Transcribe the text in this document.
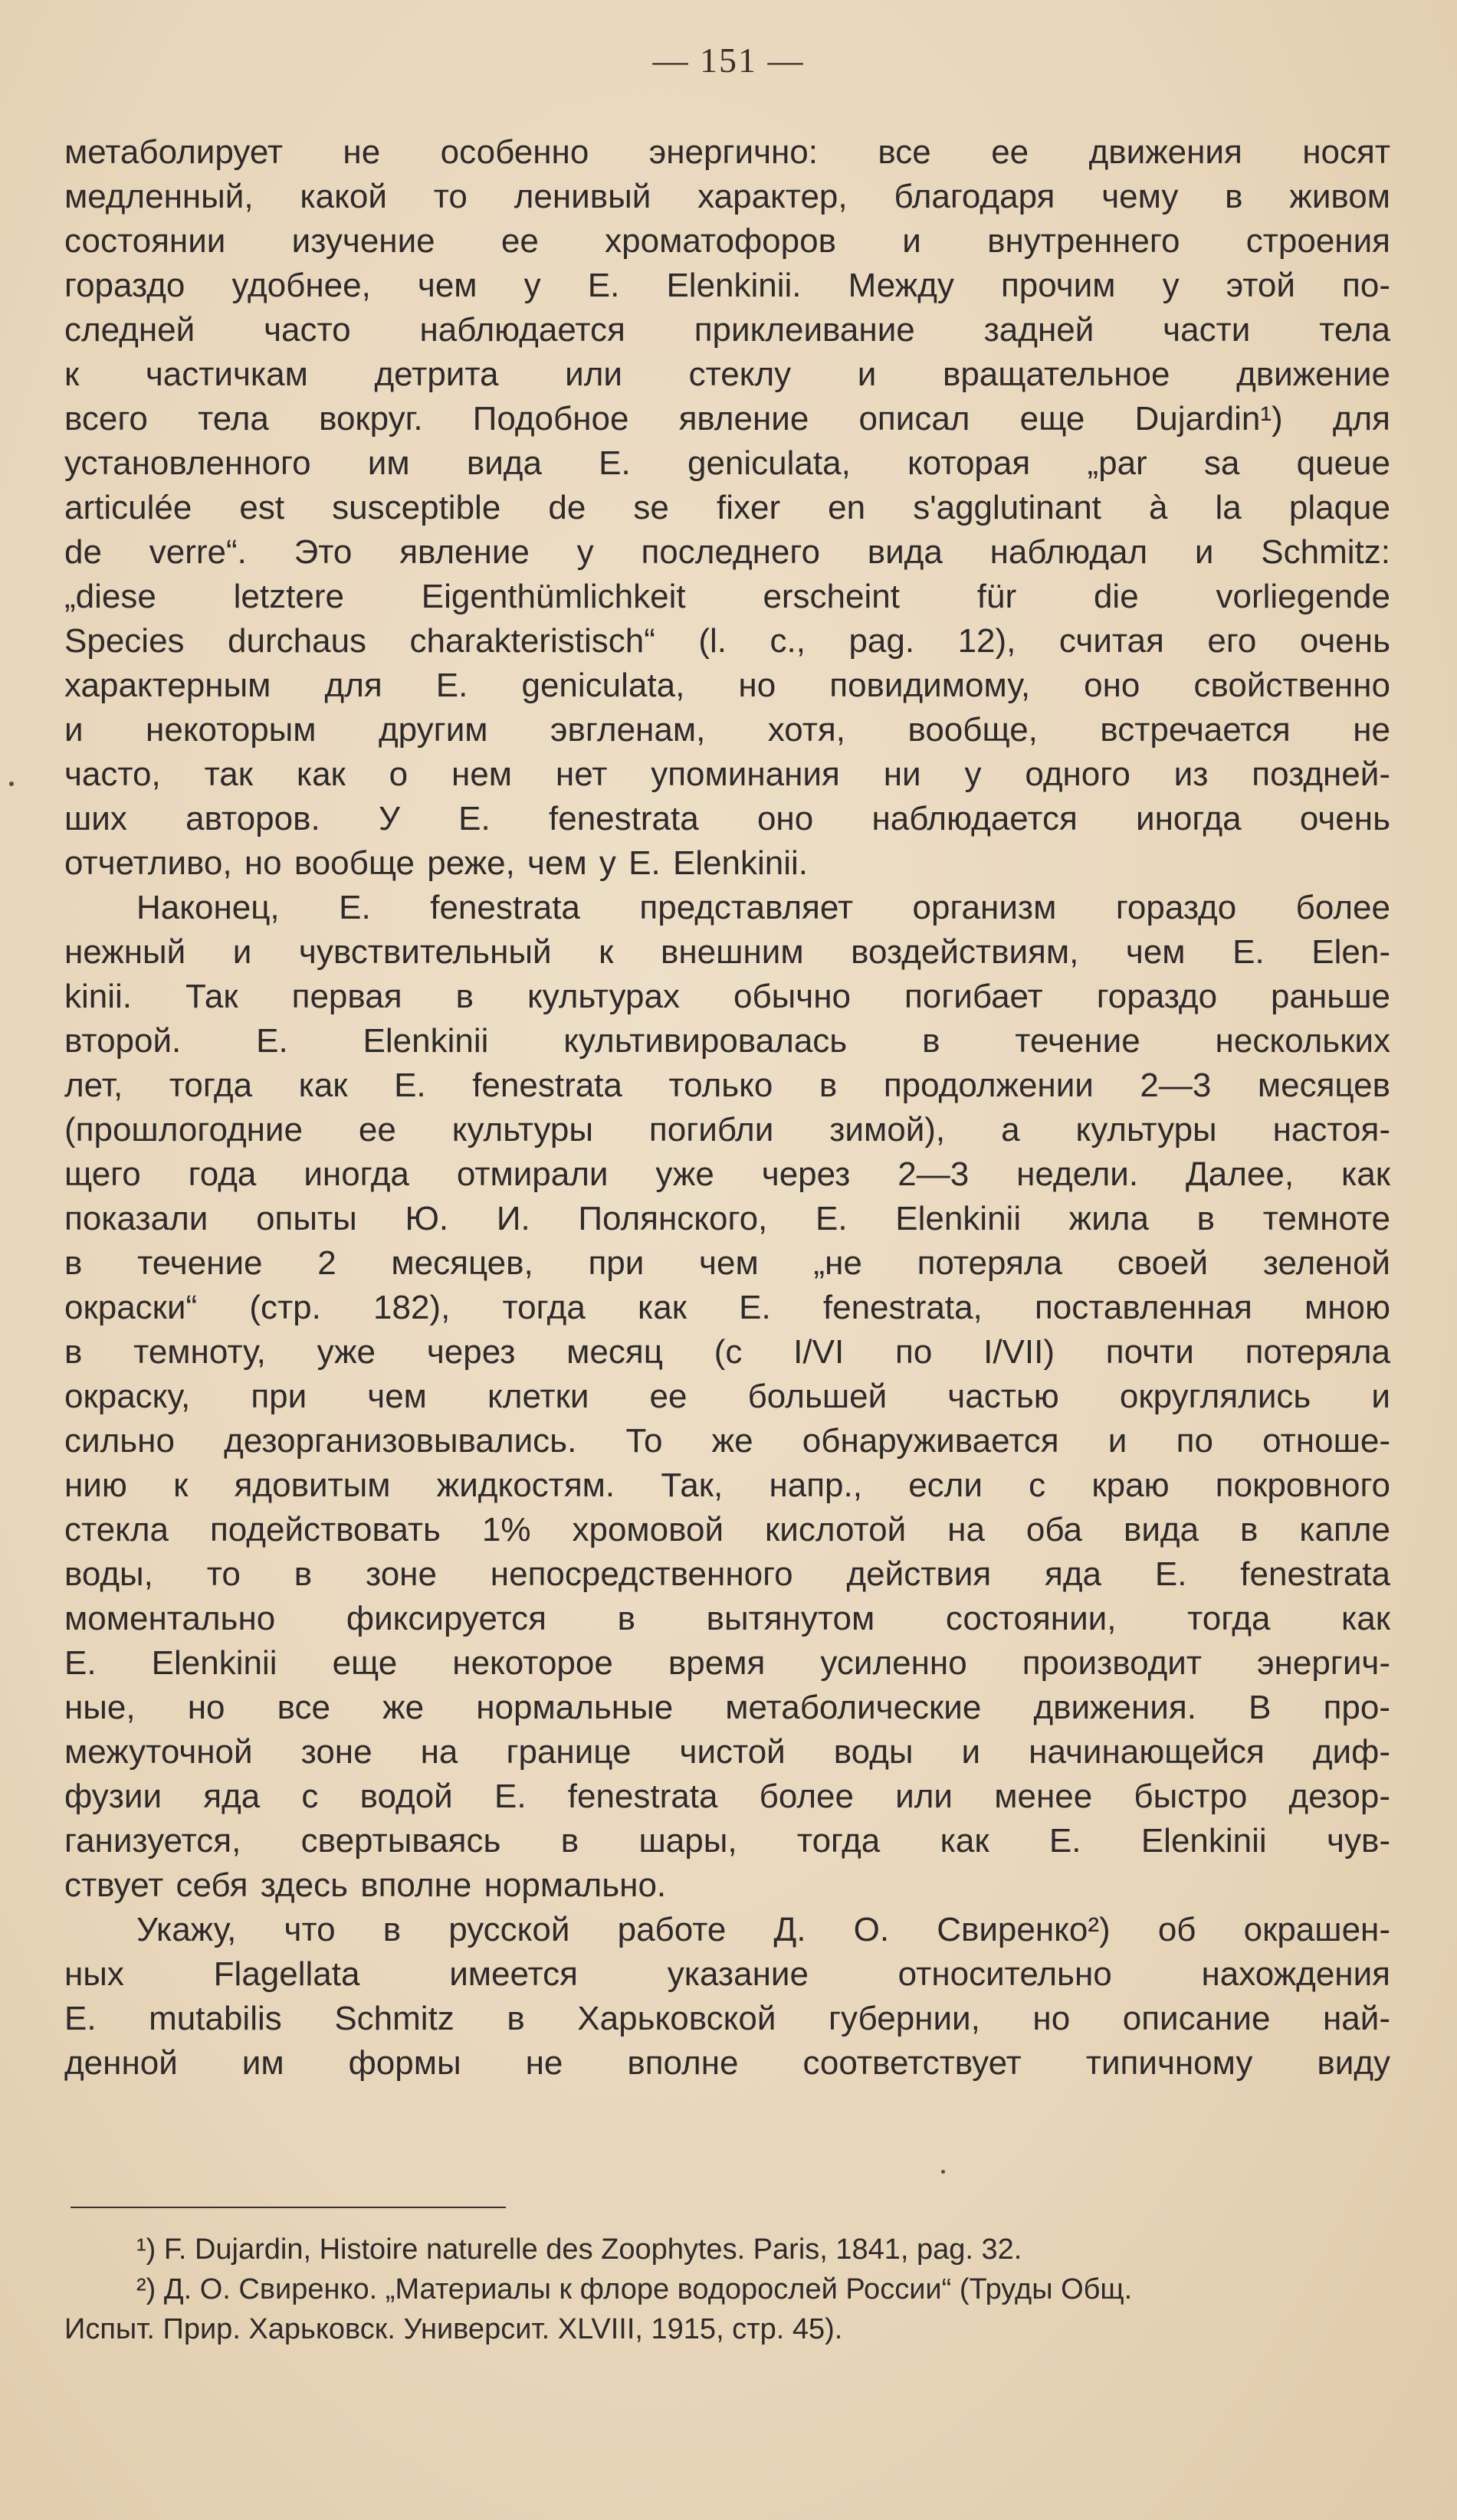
— 151 —
метаболирует не особенно энергично: все ее движения носят
медленный, какой то ленивый характер, благодаря чему в живом
состоянии изучение ее хроматофоров и внутреннего строения
гораздо удобнее, чем у E. Elenkinii. Между прочим у этой по-
следней часто наблюдается приклеивание задней части тела
к частичкам детрита или стеклу и вращательное движение
всего тела вокруг. Подобное явление описал еще Dujardin¹) для
установленного им вида E. geniculata, которая „par sa queue
articulée est susceptible de se fixer en s'agglutinant à la plaque
de verre“. Это явление у последнего вида наблюдал и Schmitz:
„diese letztere Eigenthümlichkeit erscheint für die vorliegende
Species durchaus charakteristisch“ (l. c., pag. 12), считая его очень
характерным для E. geniculata, но повидимому, оно свойственно
и некоторым другим эвгленам, хотя, вообще, встречается не
часто, так как о нем нет упоминания ни у одного из поздней-
ших авторов. У E. fenestrata оно наблюдается иногда очень
отчетливо, но вообще реже, чем у E. Elenkinii.
Наконец, E. fenestrata представляет организм гораздо более
нежный и чувствительный к внешним воздействиям, чем E. Elen-
kinii. Так первая в культурах обычно погибает гораздо раньше
второй. E. Elenkinii культивировалась в течение нескольких
лет, тогда как E. fenestrata только в продолжении 2—3 месяцев
(прошлогодние ее культуры погибли зимой), а культуры настоя-
щего года иногда отмирали уже через 2—3 недели. Далее, как
показали опыты Ю. И. Полянского, E. Elenkinii жила в темноте
в течение 2 месяцев, при чем „не потеряла своей зеленой
окраски“ (стр. 182), тогда как E. fenestrata, поставленная мною
в темноту, уже через месяц (с I/VI по I/VII) почти потеряла
окраску, при чем клетки ее большей частью округлялись и
сильно дезорганизовывались. То же обнаруживается и по отноше-
нию к ядовитым жидкостям. Так, напр., если с краю покровного
стекла подействовать 1% хромовой кислотой на оба вида в капле
воды, то в зоне непосредственного действия яда E. fenestrata
моментально фиксируется в вытянутом состоянии, тогда как
E. Elenkinii еще некоторое время усиленно производит энергич-
ные, но все же нормальные метаболические движения. В про-
межуточной зоне на границе чистой воды и начинающейся диф-
фузии яда с водой E. fenestrata более или менее быстро дезор-
ганизуется, свертываясь в шары, тогда как E. Elenkinii чув-
ствует себя здесь вполне нормально.
Укажу, что в русской работе Д. О. Свиренко²) об окрашен-
ных Flagellata имеется указание относительно нахождения
E. mutabilis Schmitz в Харьковской губернии, но описание най-
денной им формы не вполне соответствует типичному виду
¹) F. Dujardin, Histoire naturelle des Zoophytes. Paris, 1841, pag. 32.
²) Д. О. Свиренко. „Материалы к флоре водорослей России“ (Труды Общ.
Испыт. Прир. Харьковск. Университ. XLVIII, 1915, стр. 45).
